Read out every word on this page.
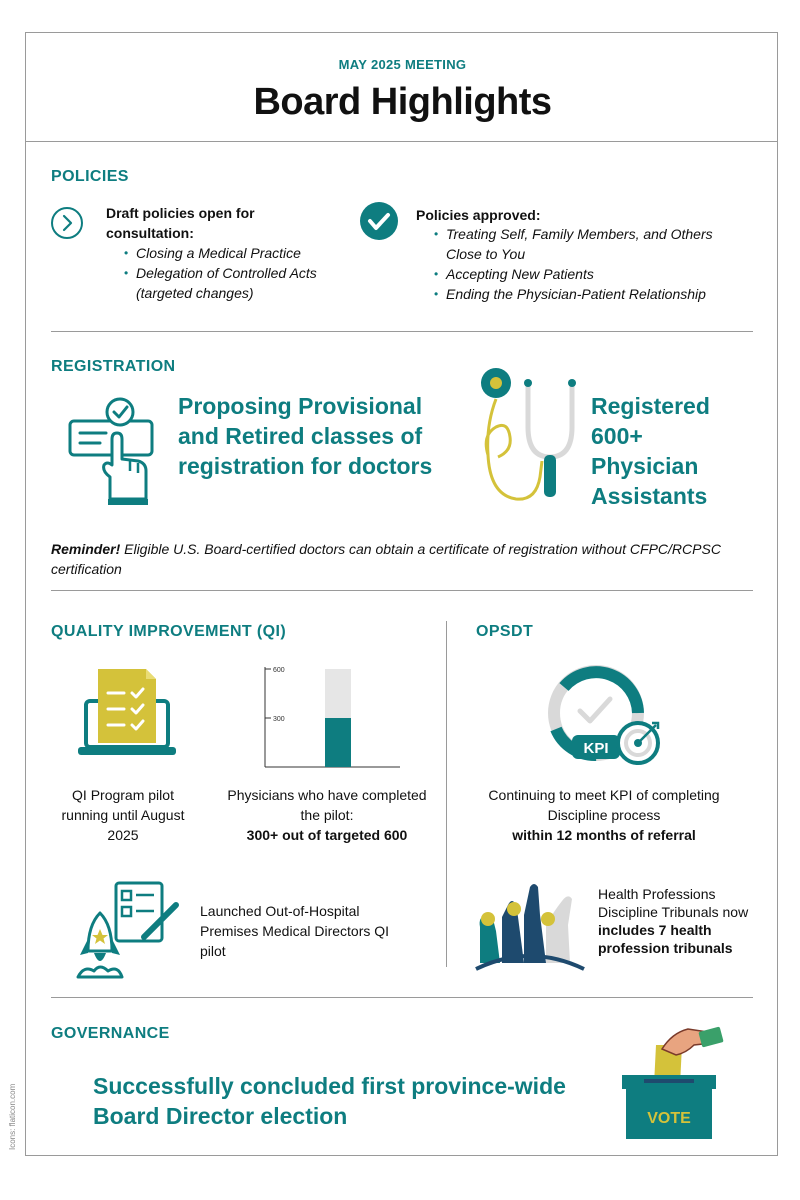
MAY 2025 MEETING
Board Highlights
POLICIES
Draft policies open for consultation:
• Closing a Medical Practice
• Delegation of Controlled Acts (targeted changes)
Policies approved:
• Treating Self, Family Members, and Others Close to You
• Accepting New Patients
• Ending the Physician-Patient Relationship
REGISTRATION
Proposing Provisional and Retired classes of registration for doctors
Registered 600+ Physician Assistants
Reminder! Eligible U.S. Board-certified doctors can obtain a certificate of registration without CFPC/RCPSC certification
QUALITY IMPROVEMENT (QI)
300
600
QI Program pilot running until August 2025
Physicians who have completed the pilot:
300+ out of targeted 600
Launched Out-of-Hospital Premises Medical Directors QI pilot
OPSDT
KPI
Continuing to meet KPI of completing Discipline process
within 12 months of referral
Health Professions Discipline Tribunals now includes 7 health profession tribunals
GOVERNANCE
Successfully concluded first province-wide Board Director election	VOTE
Icons: flaticon.com
